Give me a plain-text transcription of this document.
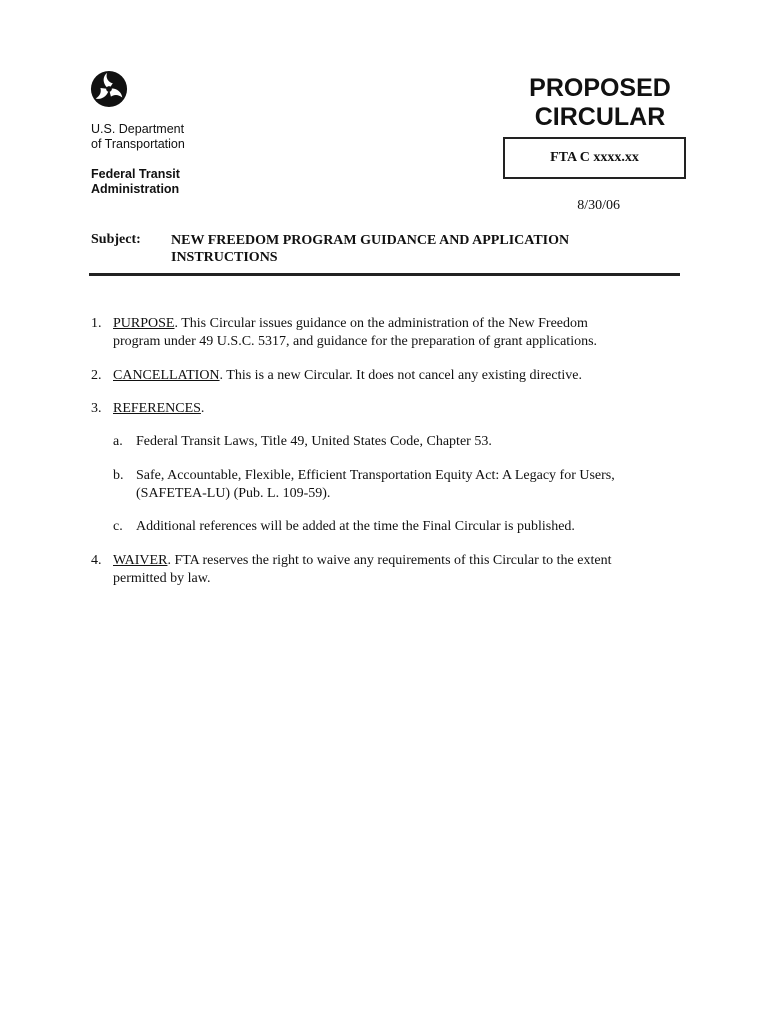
U.S. Department
of Transportation
Federal Transit
Administration
PROPOSED
CIRCULAR
FTA C xxxx.xx
8/30/06
Subject: NEW FREEDOM PROGRAM GUIDANCE AND APPLICATION
INSTRUCTIONS
1. PURPOSE. This Circular issues guidance on the administration of the New Freedom
program under 49 U.S.C. 5317, and guidance for the preparation of grant applications.
2. CANCELLATION. This is a new Circular. It does not cancel any existing directive.
3. REFERENCES.
a. Federal Transit Laws, Title 49, United States Code, Chapter 53.
b. Safe, Accountable, Flexible, Efficient Transportation Equity Act: A Legacy for Users,
(SAFETEA-LU) (Pub. L. 109-59).
c. Additional references will be added at the time the Final Circular is published.
4. WAIVER. FTA reserves the right to waive any requirements of this Circular to the extent
permitted by law.
